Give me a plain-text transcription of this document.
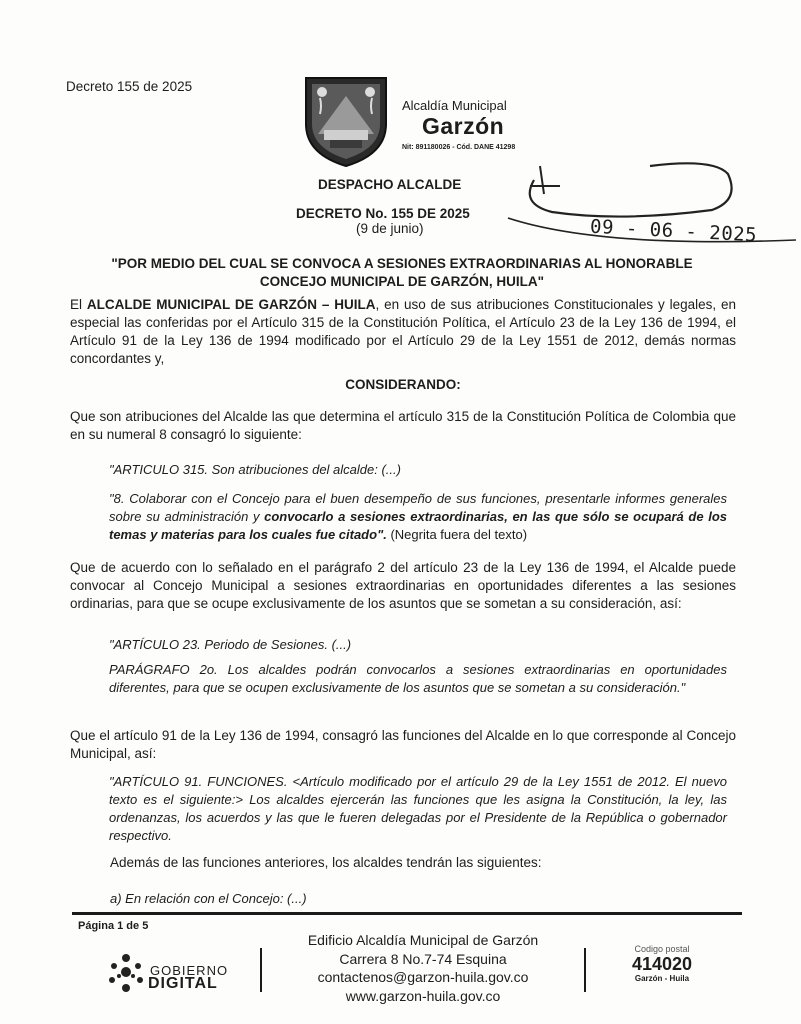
Decreto 155 de 2025
Alcaldía Municipal
Garzón
Nit: 891180026 - Cód. DANE 41298
DESPACHO ALCALDE
DECRETO No. 155 DE 2025
(9 de junio)	09 - 06 - 2025
"POR MEDIO DEL CUAL SE CONVOCA A SESIONES EXTRAORDINARIAS AL HONORABLE
CONCEJO MUNICIPAL DE GARZÓN, HUILA"
El ALCALDE MUNICIPAL DE GARZÓN – HUILA, en uso de sus atribuciones Constitucionales y legales, en especial las conferidas por el Artículo 315 de la Constitución Política, el Artículo 23 de la Ley 136 de 1994, el Artículo 91 de la Ley 136 de 1994 modificado por el Artículo 29 de la Ley 1551 de 2012, demás normas concordantes y,
CONSIDERANDO:
Que son atribuciones del Alcalde las que determina el artículo 315 de la Constitución Política de Colombia que en su numeral 8 consagró lo siguiente:
"ARTICULO 315. Son atribuciones del alcalde: (...)
"8. Colaborar con el Concejo para el buen desempeño de sus funciones, presentarle informes generales sobre su administración y convocarlo a sesiones extraordinarias, en las que sólo se ocupará de los temas y materias para los cuales fue citado". (Negrita fuera del texto)
Que de acuerdo con lo señalado en el parágrafo 2 del artículo 23 de la Ley 136 de 1994, el Alcalde puede convocar al Concejo Municipal a sesiones extraordinarias en oportunidades diferentes a las sesiones ordinarias, para que se ocupe exclusivamente de los asuntos que se sometan a su consideración, así:
"ARTÍCULO 23. Periodo de Sesiones. (...)
PARÁGRAFO 2o. Los alcaldes podrán convocarlos a sesiones extraordinarias en oportunidades diferentes, para que se ocupen exclusivamente de los asuntos que se sometan a su consideración."
Que el artículo 91 de la Ley 136 de 1994, consagró las funciones del Alcalde en lo que corresponde al Concejo Municipal, así:
"ARTÍCULO 91. FUNCIONES. <Artículo modificado por el artículo 29 de la Ley 1551 de 2012. El nuevo texto es el siguiente:> Los alcaldes ejercerán las funciones que les asigna la Constitución, la ley, las ordenanzas, los acuerdos y las que le fueren delegadas por el Presidente de la República o gobernador respectivo.
Además de las funciones anteriores, los alcaldes tendrán las siguientes:
a) En relación con el Concejo: (...)
Página 1 de 5
GOBIERNO
DIGITAL
Edificio Alcaldía Municipal de Garzón
Carrera 8 No.7-74 Esquina
contactenos@garzon-huila.gov.co
www.garzon-huila.gov.co
Codigo postal
414020
Garzón - Huila
